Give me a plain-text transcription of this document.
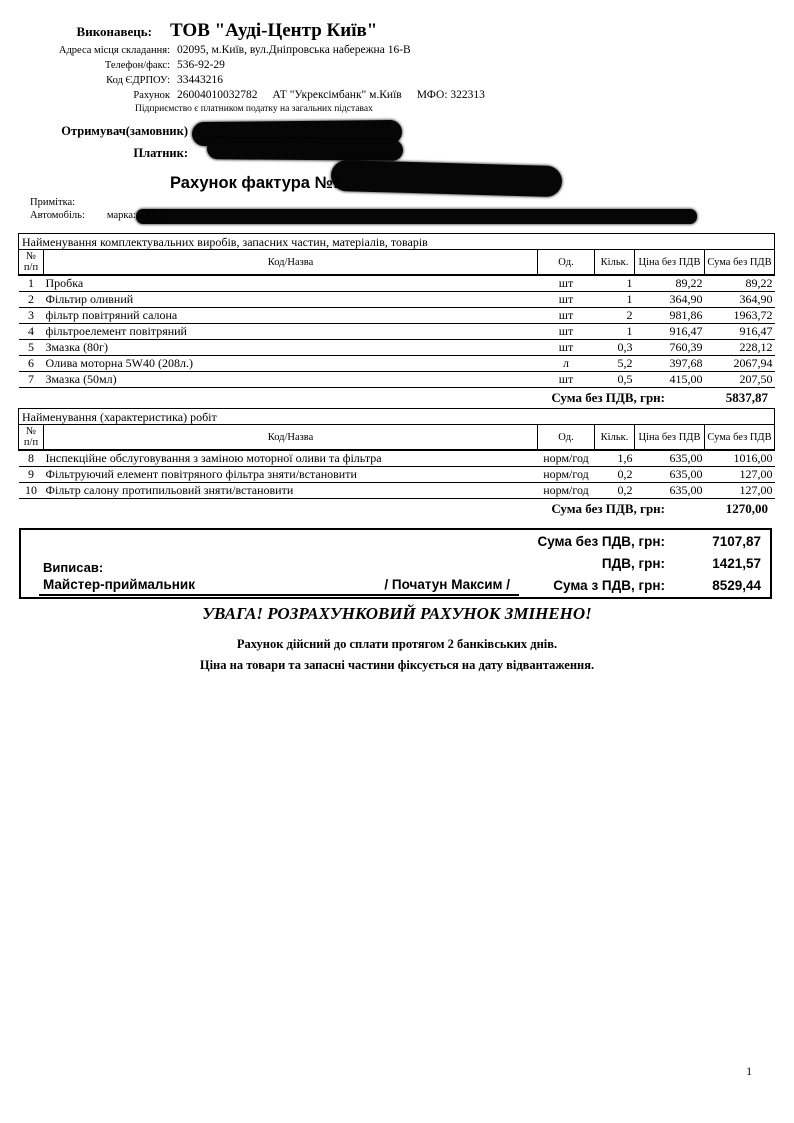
Виконавець: ТОВ "Ауді-Центр Київ"
Адреса місця складання: 02095, м.Київ, вул.Дніпровська набережна 16-В
Телефон/факс: 536-92-29
Код ЄДРПОУ: 33443216
Рахунок 26004010032782 АТ "Укрексімбанк" м.Київ МФО: 322313
Підприємство є платником податку на загальних підставах
Отримувач(замовник)
Платник:
Рахунок фактура №:
Примітка:
Автомобіль: марка: AUDI,
Найменування комплектувальних виробів, запасних частин, матеріалів, товарів
№
п/п	Код/Назва	Од.	Кільк.	Ціна без ПДВ	Сума без ПДВ
1	Пробка	шт	1	89,22	89,22
2	Фільтир оливний	шт	1	364,90	364,90
3	фільтр повітряний салона	шт	2	981,86	1963,72
4	фільтроелемент повітряний	шт	1	916,47	916,47
5	Змазка (80г)	шт	0,3	760,39	228,12
6	Олива моторна 5W40 (208л.)	л	5,2	397,68	2067,94
7	Змазка (50мл)	шт	0,5	415,00	207,50
Сума без ПДВ, грн:	5837,87
Найменування (характеристика) робіт
№
п/п	Код/Назва	Од.	Кільк.	Ціна без ПДВ	Сума без ПДВ
8	Інспекційне обслуговування з заміною моторної оливи та фільтра	норм/год	1,6	635,00	1016,00
9	Фільтруючий елемент повітряного фільтра зняти/встановити	норм/год	0,2	635,00	127,00
10	Фільтр салону протипильовий зняти/встановити	норм/год	0,2	635,00	127,00
Сума без ПДВ, грн:	1270,00
Сума без ПДВ, грн:	7107,87
ПДВ, грн:	1421,57
Сума з ПДВ, грн:	8529,44
Виписав:
Майстер-приймальник	/ Початун Максим /
УВАГА! РОЗРАХУНКОВИЙ РАХУНОК ЗМІНЕНО!
Рахунок дійсний до сплати протягом 2 банківських днів.
Ціна на товари та запасні частини фіксується на дату відвантаження.
1
